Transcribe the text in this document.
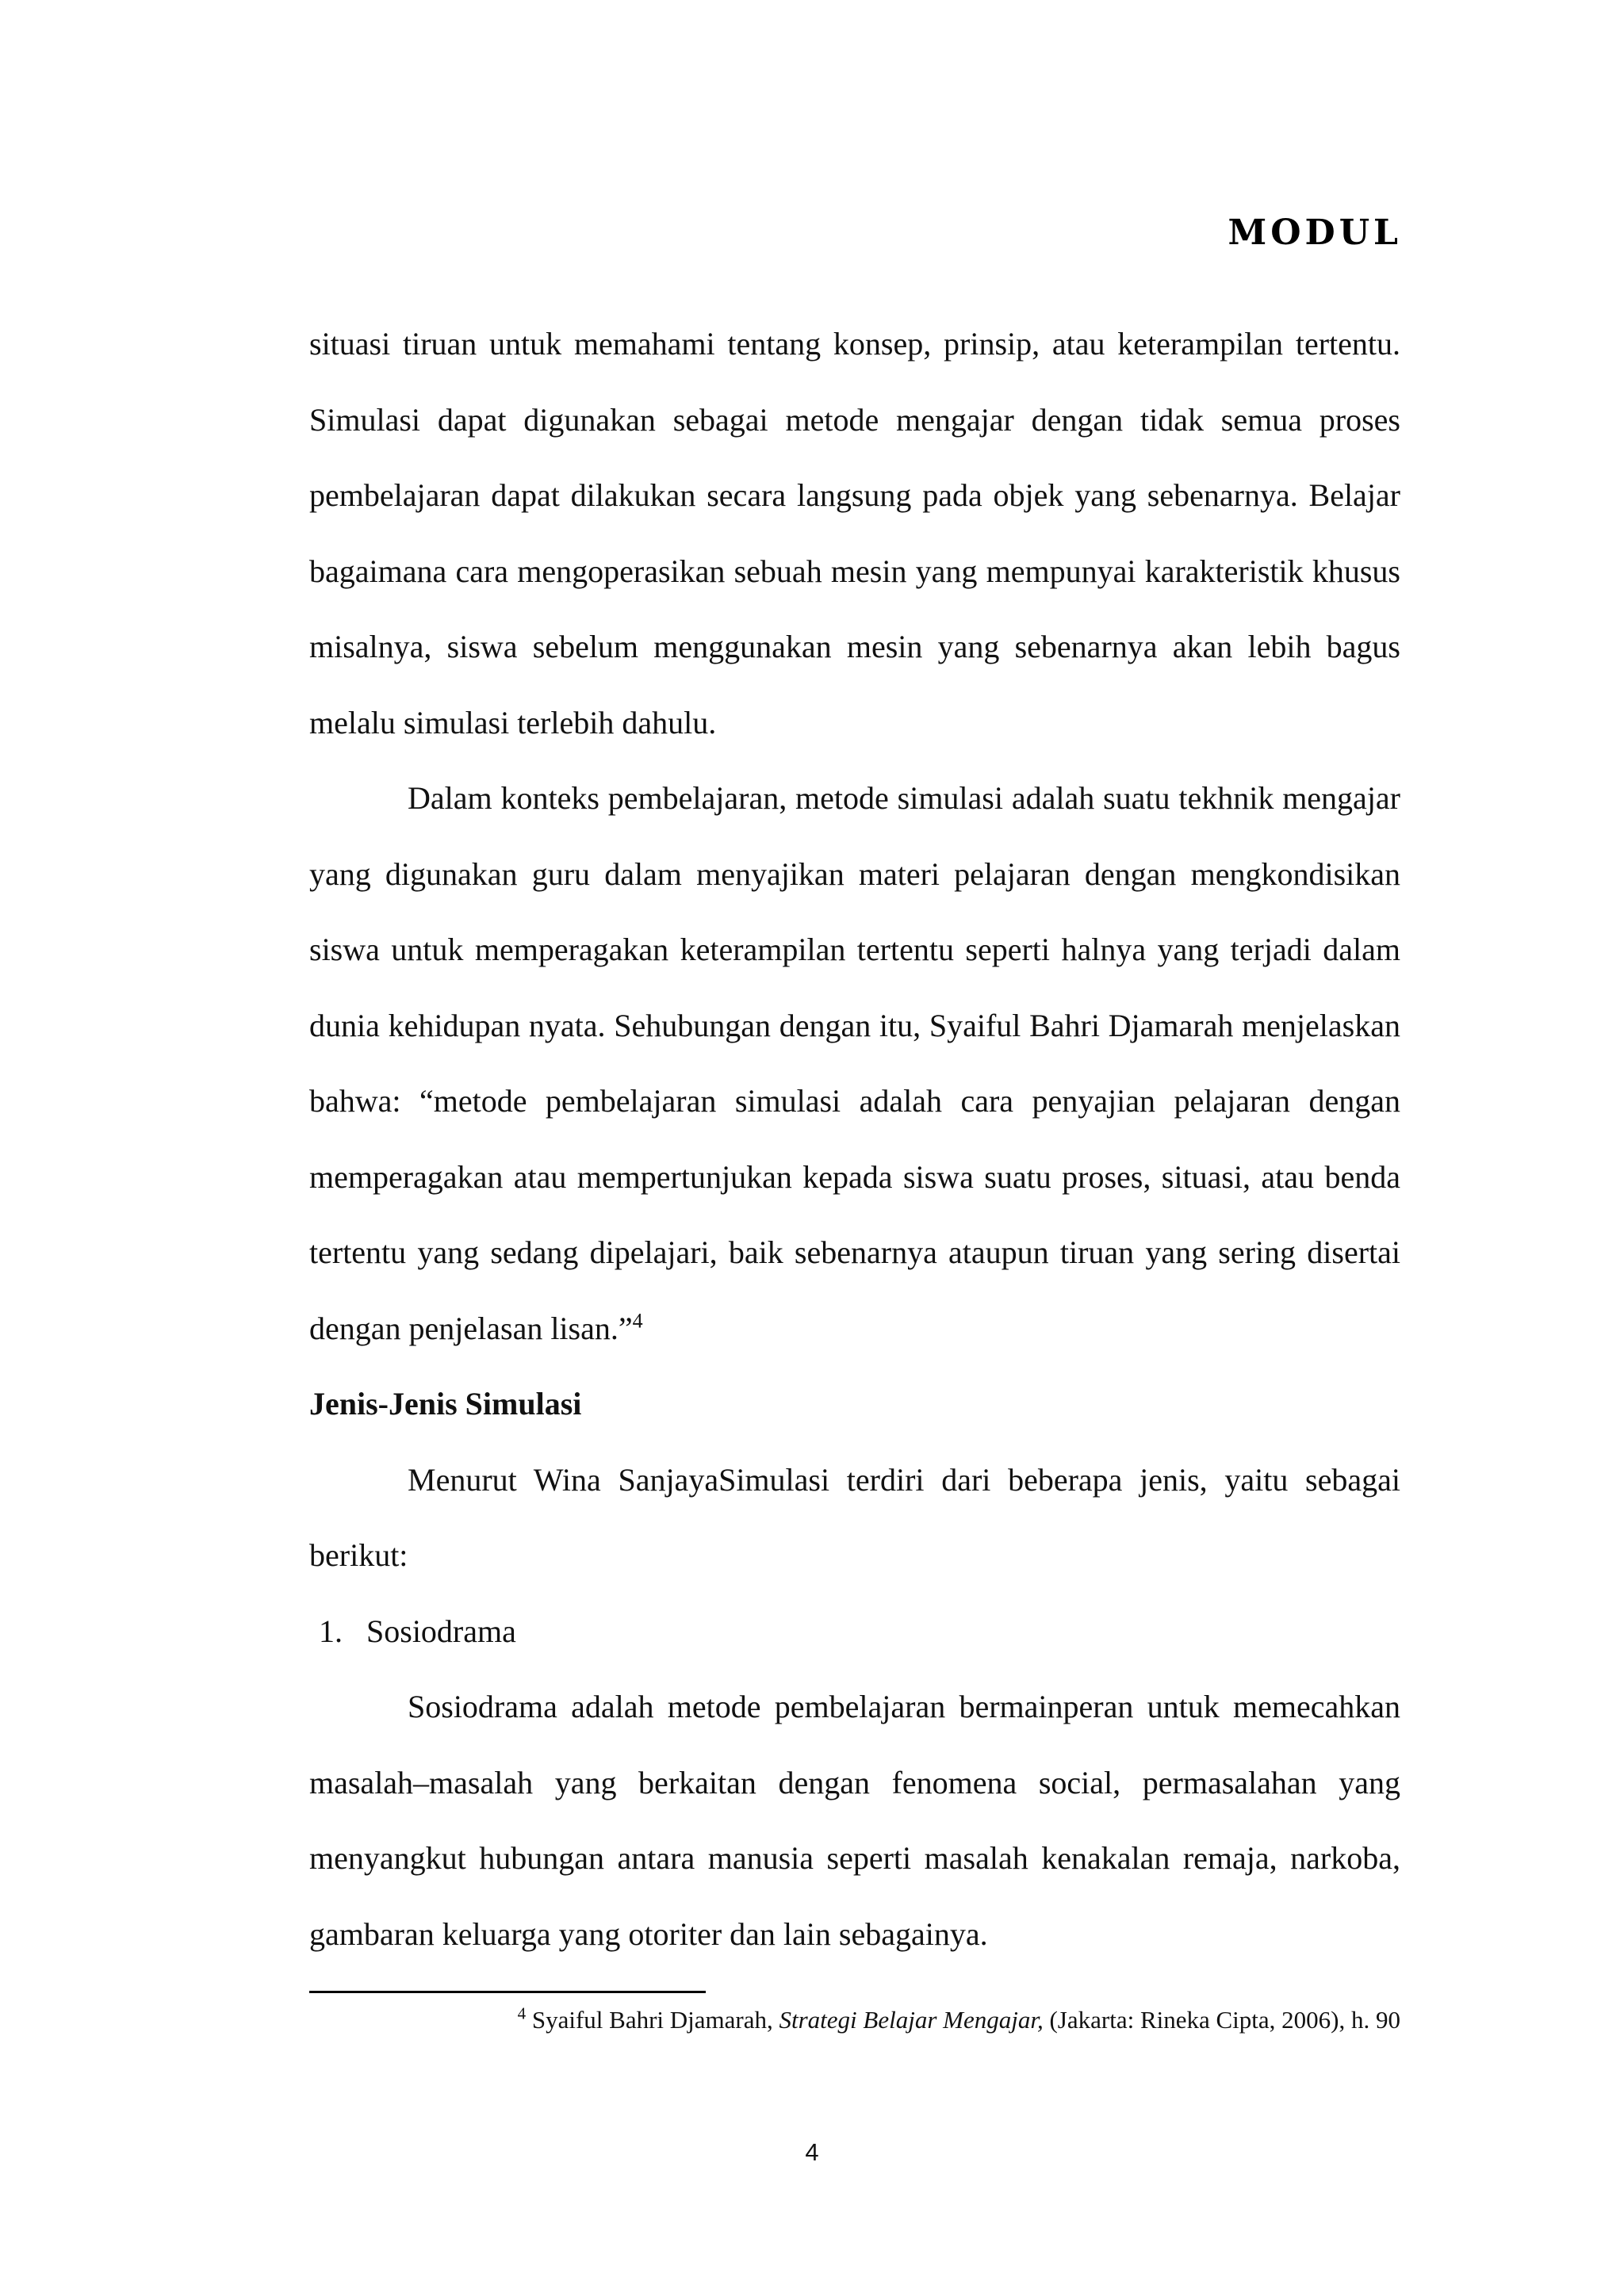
MODUL

situasi tiruan untuk memahami tentang konsep, prinsip, atau keterampilan tertentu. Simulasi dapat digunakan sebagai metode mengajar dengan tidak semua proses pembelajaran dapat dilakukan secara langsung pada objek yang sebenarnya. Belajar bagaimana cara mengoperasikan sebuah mesin yang mempunyai karakteristik khusus misalnya, siswa sebelum menggunakan mesin yang sebenarnya akan lebih bagus melalu simulasi terlebih dahulu.

Dalam konteks pembelajaran, metode simulasi adalah suatu tekhnik mengajar yang digunakan guru dalam menyajikan materi pelajaran dengan mengkondisikan siswa untuk memperagakan keterampilan tertentu seperti halnya yang terjadi dalam dunia kehidupan nyata. Sehubungan dengan itu, Syaiful Bahri Djamarah menjelaskan bahwa: “metode pembelajaran simulasi adalah cara penyajian pelajaran dengan memperagakan atau mempertunjukan kepada siswa suatu proses, situasi, atau benda tertentu yang sedang dipelajari, baik sebenarnya ataupun tiruan yang sering disertai dengan penjelasan lisan.”$^4$

Jenis-Jenis Simulasi

Menurut Wina SanjayaSimulasi terdiri dari beberapa jenis, yaitu sebagai berikut:

1. Sosiodrama

Sosiodrama adalah metode pembelajaran bermainperan untuk memecahkan masalah–masalah yang berkaitan dengan fenomena social, permasalahan yang menyangkut hubungan antara manusia seperti masalah kenakalan remaja, narkoba, gambaran keluarga yang otoriter dan lain sebagainya.

$^4$ Syaiful Bahri Djamarah, Strategi Belajar Mengajar, (Jakarta: Rineka Cipta, 2006), h. 90
4
